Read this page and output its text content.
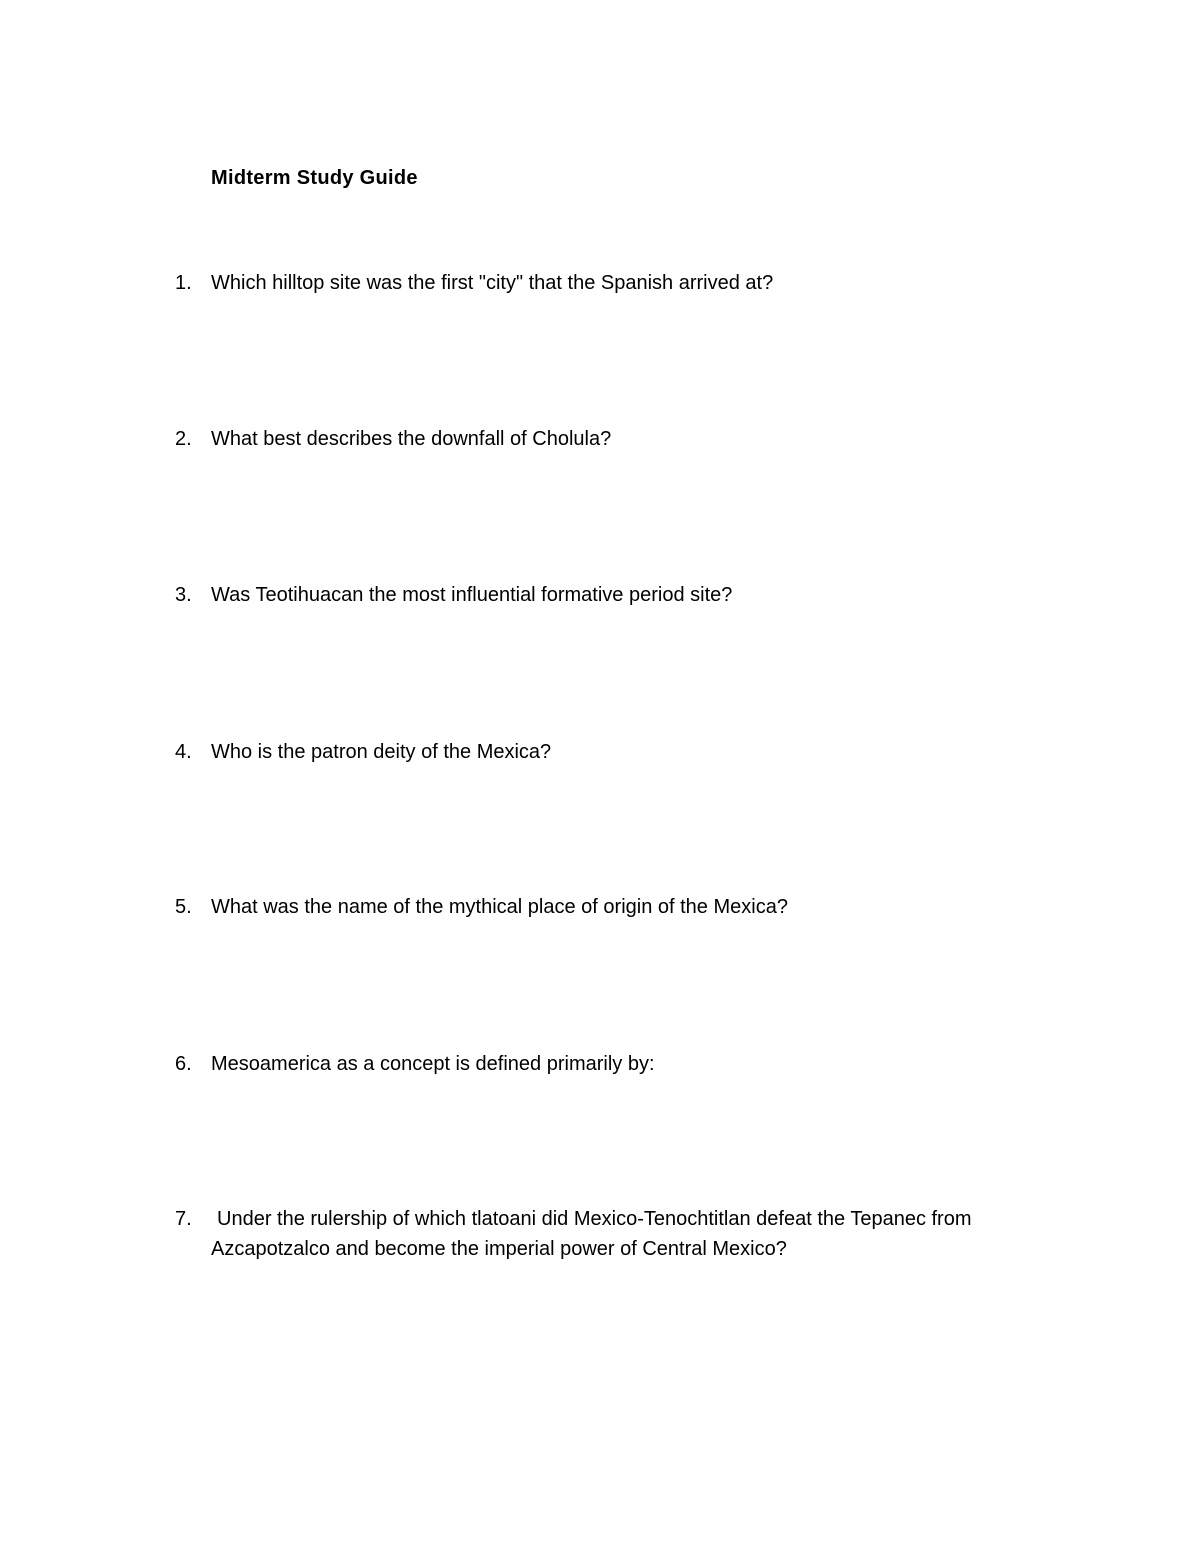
Midterm Study Guide
1. Which hilltop site was the first "city" that the Spanish arrived at?
2. What best describes the downfall of Cholula?
3. Was Teotihuacan the most influential formative period site?
4. Who is the patron deity of the Mexica?
5. What was the name of the mythical place of origin of the Mexica?
6. Mesoamerica as a concept is defined primarily by:
7.	Under the rulership of which tlatoani did Mexico-Tenochtitlan defeat the Tepanec from
Azcapotzalco and become the imperial power of Central Mexico?
